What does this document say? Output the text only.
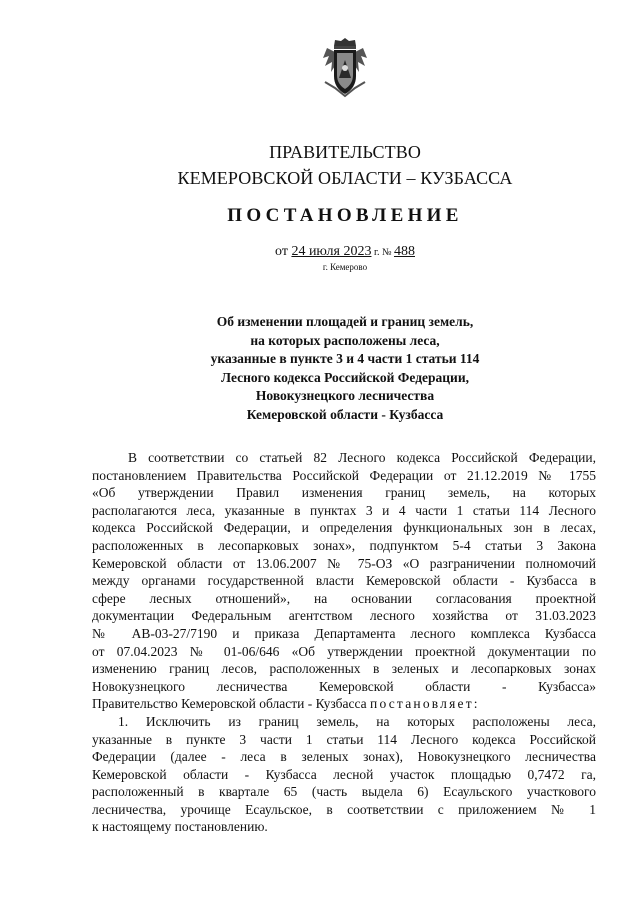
ПРАВИТЕЛЬСТВО
КЕМЕРОВСКОЙ ОБЛАСТИ – КУЗБАССА
ПОСТАНОВЛЕНИЕ
от 24 июля 2023 г. № 488
г. Кемерово
Об изменении площадей и границ земель,
на которых расположены леса,
указанные в пункте 3 и 4 части 1 статьи 114
Лесного кодекса Российской Федерации,
Новокузнецкого лесничества
Кемеровской области - Кузбасса
В соответствии со статьей 82 Лесного кодекса Российской Федерации,
постановлением Правительства Российской Федерации от 21.12.2019 № 1755
«Об утверждении Правил изменения границ земель, на которых
располагаются леса, указанные в пунктах 3 и 4 части 1 статьи 114 Лесного
кодекса Российской Федерации, и определения функциональных зон в лесах,
расположенных в лесопарковых зонах», подпунктом 5-4 статьи 3 Закона
Кемеровской области от 13.06.2007 № 75-ОЗ «О разграничении полномочий
между органами государственной власти Кемеровской области - Кузбасса в
сфере лесных отношений», на основании согласования проектной
документации Федеральным агентством лесного хозяйства от 31.03.2023
№ АВ-03-27/7190 и приказа Департамента лесного комплекса Кузбасса
от 07.04.2023 № 01-06/646 «Об утверждении проектной документации по
изменению границ лесов, расположенных в зеленых и лесопарковых зонах
Новокузнецкого лесничества Кемеровской области - Кузбасса»
Правительство Кемеровской области - Кузбасса постановляет:
1. Исключить из границ земель, на которых расположены леса,
указанные в пункте 3 части 1 статьи 114 Лесного кодекса Российской
Федерации (далее - леса в зеленых зонах), Новокузнецкого лесничества
Кемеровской области - Кузбасса лесной участок площадью 0,7472 га,
расположенный в квартале 65 (часть выдела 6) Есаульского участкового
лесничества, урочище Есаульское, в соответствии с приложением № 1
к настоящему постановлению.
